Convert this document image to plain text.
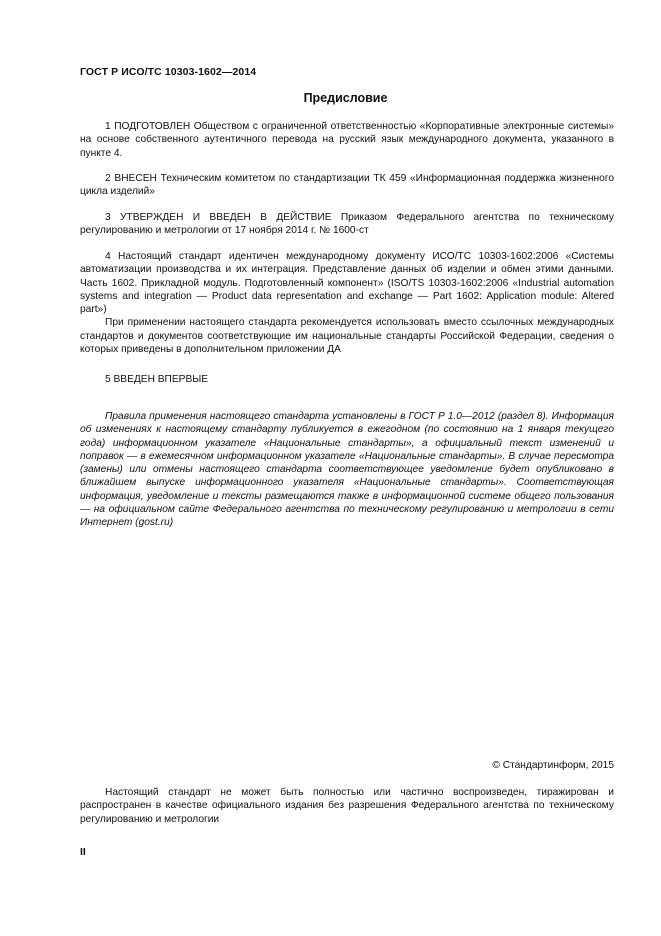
ГОСТ Р ИСО/ТС 10303-1602—2014
Предисловие

1 ПОДГОТОВЛЕН Обществом с ограниченной ответственностью «Корпоративные электронные системы» на основе собственного аутентичного перевода на русский язык международного документа, указанного в пункте 4.

2 ВНЕСЕН Техническим комитетом по стандартизации ТК 459 «Информационная поддержка жизненного цикла изделий»

3 УТВЕРЖДЕН И ВВЕДЕН В ДЕЙСТВИЕ Приказом Федерального агентства по техническому регулированию и метрологии от 17 ноября 2014 г. № 1600-ст

4 Настоящий стандарт идентичен международному документу ИСО/ТС 10303-1602:2006 «Системы автоматизации производства и их интеграция. Представление данных об изделии и обмен этими данными. Часть 1602. Прикладной модуль. Подготовленный компонент» (ISO/TS 10303-1602:2006 «Industrial automation systems and integration — Product data representation and exchange — Part 1602: Application module: Altered part»)

При применении настоящего стандарта рекомендуется использовать вместо ссылочных международных стандартов и документов соответствующие им национальные стандарты Российской Федерации, сведения о которых приведены в дополнительном приложении ДА

5 ВВЕДЕН ВПЕРВЫЕ

Правила применения настоящего стандарта установлены в ГОСТ Р 1.0—2012 (раздел 8). Информация об изменениях к настоящему стандарту публикуется в ежегодном (по состоянию на 1 января текущего года) информационном указателе «Национальные стандарты», а официальный текст изменений и поправок — в ежемесячном информационном указателе «Национальные стандарты». В случае пересмотра (замены) или отмены настоящего стандарта соответствующее уведомление будет опубликовано в ближайшем выпуске информационного указателя «Национальные стандарты». Соответствующая информация, уведомление и тексты размещаются также в информационной системе общего пользования — на официальном сайте Федерального агентства по техническому регулированию и метрологии в сети Интернет (gost.ru)
© Стандартинформ, 2015
Настоящий стандарт не может быть полностью или частично воспроизведен, тиражирован и распространен в качестве официального издания без разрешения Федерального агентства по техническому регулированию и метрологии
II
